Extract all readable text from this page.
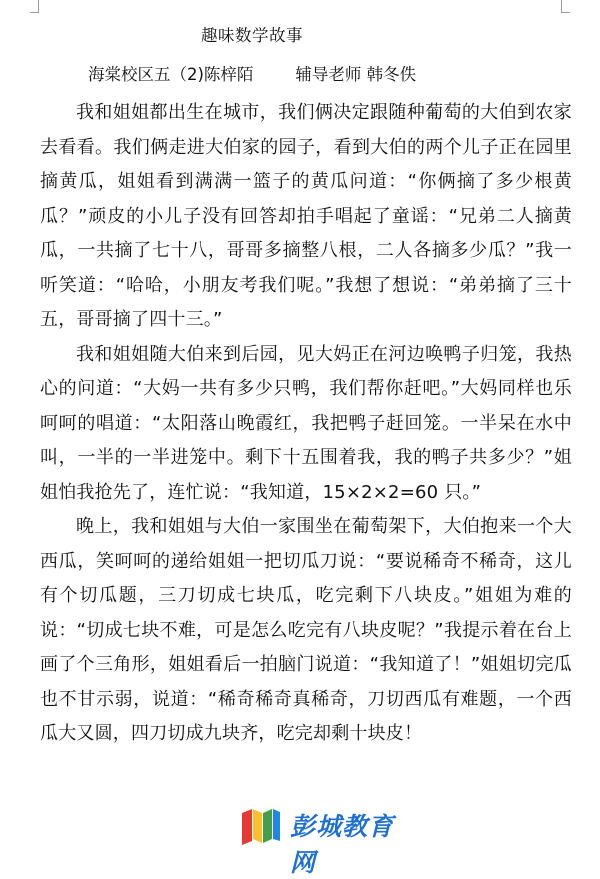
趣味数学故事
海棠校区五（2)陈梓陌        辅导老师 韩冬佚

我和姐姐都出生在城市，我们俩决定跟随种葡萄的大伯到农家去看看。我们俩走进大伯家的园子，看到大伯的两个儿子正在园里摘黄瓜，姐姐看到满满一篮子的黄瓜问道：“你俩摘了多少根黄瓜？”顽皮的小儿子没有回答却拍手唱起了童谣：“兄弟二人摘黄瓜，一共摘了七十八，哥哥多摘整八根，二人各摘多少瓜？”我一听笑道：“哈哈，小朋友考我们呢。”我想了想说：“弟弟摘了三十五，哥哥摘了四十三。”

我和姐姐随大伯来到后园，见大妈正在河边唤鸭子归笼，我热心的问道：“大妈一共有多少只鸭，我们帮你赶吧。”大妈同样也乐呵呵的唱道：“太阳落山晚霞红，我把鸭子赶回笼。一半呆在水中叫，一半的一半进笼中。剩下十五围着我，我的鸭子共多少？”姐姐怕我抢先了，连忙说：“我知道，15×2×2=60 只。”

晚上，我和姐姐与大伯一家围坐在葡萄架下，大伯抱来一个大西瓜，笑呵呵的递给姐姐一把切瓜刀说：“要说稀奇不稀奇，这儿有个切瓜题，三刀切成七块瓜，吃完剩下八块皮。”姐姐为难的说：“切成七块不难，可是怎么吃完有八块皮呢？”我提示着在台上画了个三角形，姐姐看后一拍脑门说道：“我知道了！”姐姐切完瓜也不甘示弱，说道：“稀奇稀奇真稀奇，刀切西瓜有难题，一个西瓜大又圆，四刀切成九块齐，吃完却剩十块皮！

彭城教育网
